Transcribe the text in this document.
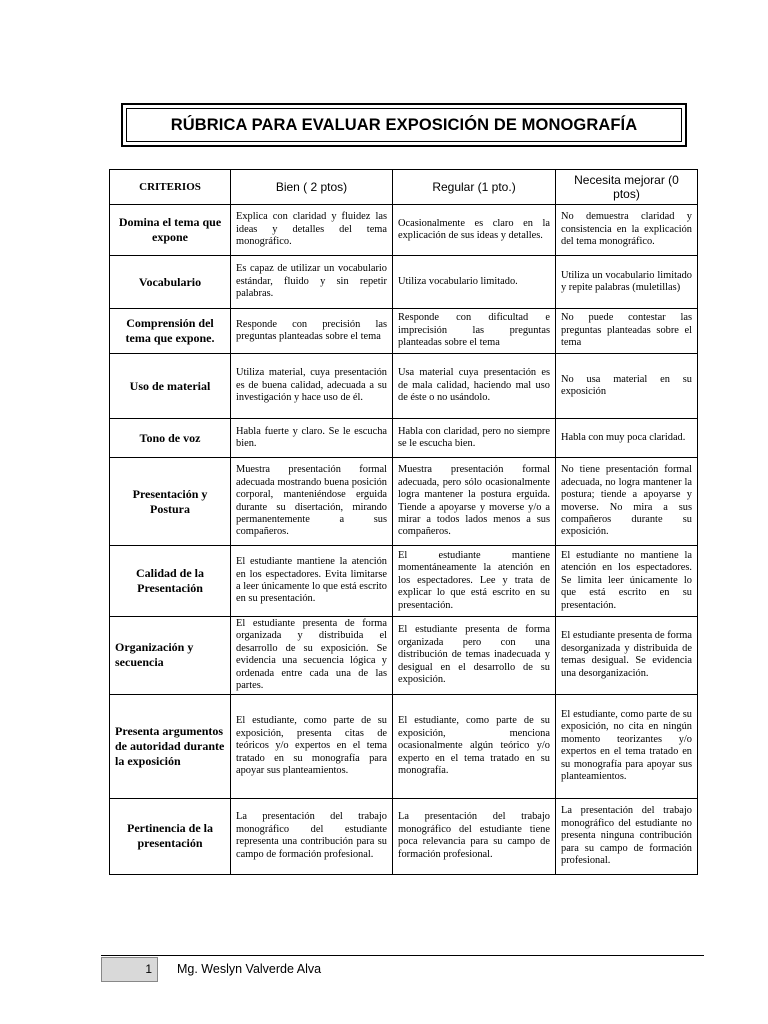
RÚBRICA PARA EVALUAR EXPOSICIÓN DE MONOGRAFÍA
CRITERIOS	Bien ( 2 ptos)	Regular (1 pto.)	Necesita mejorar (0 ptos)
Domina el tema que expone	Explica con claridad y fluidez las ideas y detalles del tema monográfico.	Ocasionalmente es claro en la explicación de sus ideas y detalles.	No demuestra claridad y consistencia en la explicación del tema monográfico.
Vocabulario	Es capaz de utilizar un vocabulario estándar, fluido y sin repetir palabras.	Utiliza vocabulario limitado.	Utiliza un vocabulario limitado y repite palabras (muletillas)
Comprensión del tema que expone.	Responde con precisión las preguntas planteadas sobre el tema	Responde con dificultad e imprecisión las preguntas planteadas sobre el tema	No puede contestar las preguntas planteadas sobre el tema
Uso de material	Utiliza material, cuya presentación es de buena calidad, adecuada a su investigación y hace uso de él.	Usa material cuya presentación es de mala calidad, haciendo mal uso de éste o no usándolo.	No usa material en su exposición
Tono de voz	Habla fuerte y claro. Se le escucha bien.	Habla con claridad, pero no siempre se le escucha bien.	Habla con muy poca claridad.
Presentación y Postura	Muestra presentación formal adecuada mostrando buena posición corporal, manteniéndose erguida durante su disertación, mirando permanentemente a sus compañeros.	Muestra presentación formal adecuada, pero sólo ocasionalmente logra mantener la postura erguida. Tiende a apoyarse y moverse y/o a mirar a todos lados menos a sus compañeros.	No tiene presentación formal adecuada, no logra mantener la postura; tiende a apoyarse y moverse. No mira a sus compañeros durante su exposición.
Calidad de la Presentación	El estudiante mantiene la atención en los espectadores. Evita limitarse a leer únicamente lo que está escrito en su presentación.	El estudiante mantiene momentáneamente la atención en los espectadores. Lee y trata de explicar lo que está escrito en su presentación.	El estudiante no mantiene la atención en los espectadores. Se limita leer únicamente lo que está escrito en su presentación.
Organización y secuencia	El estudiante presenta de forma organizada y distribuida el desarrollo de su exposición. Se evidencia una secuencia lógica y ordenada entre cada una de las partes.	El estudiante presenta de forma organizada pero con una distribución de temas inadecuada y desigual en el desarrollo de su exposición.	El estudiante presenta de forma desorganizada y distribuida de temas desigual. Se evidencia una desorganización.
Presenta argumentos de autoridad durante la exposición	El estudiante, como parte de su exposición, presenta citas de teóricos y/o expertos en el tema tratado en su monografía para apoyar sus planteamientos.	El estudiante, como parte de su exposición, menciona ocasionalmente algún teórico y/o experto en el tema tratado en su monografía.	El estudiante, como parte de su exposición, no cita en ningún momento teorizantes y/o expertos en el tema tratado en su monografía para apoyar sus planteamientos.
Pertinencia de la presentación	La presentación del trabajo monográfico del estudiante representa una contribución para su campo de formación profesional.	La presentación del trabajo monográfico del estudiante tiene poca relevancia para su campo de formación profesional.	La presentación del trabajo monográfico del estudiante no presenta ninguna contribución para su campo de formación profesional.
1	Mg. Weslyn Valverde Alva
